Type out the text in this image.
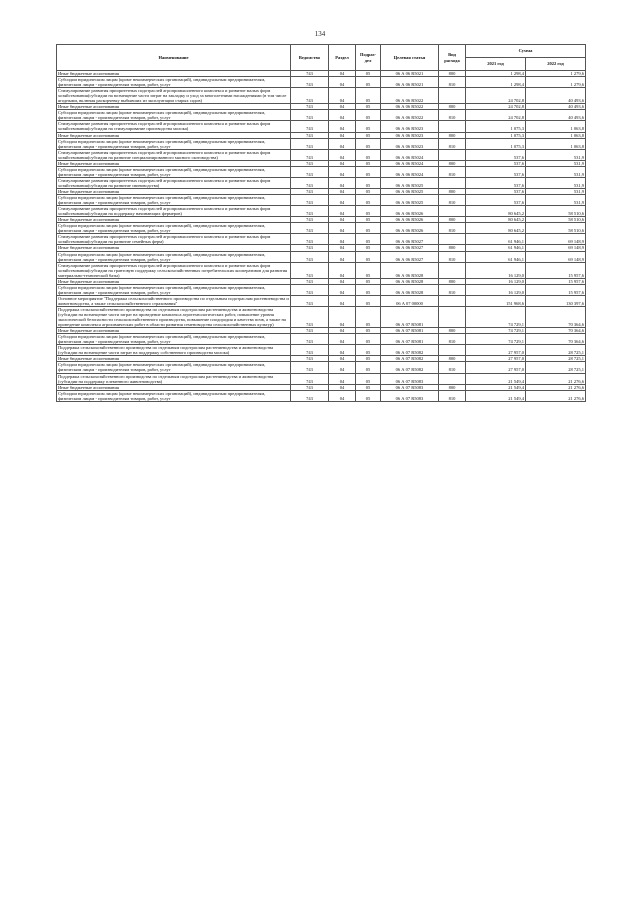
134
Наименование	Ведомство	Раздел	Подраз-дел	Целевая статья	Вид расхода	Сумма	
						2021 год	2022 год
Иные бюджетные ассигнования	743	04	05	06 А 06 R5021	800	1 298,4	1 279,6
Субсидии юридическим лицам (кроме некоммерческих организаций), индивидуальным предпринимателям, физическим лицам - производителям товаров, работ, услуг	743	04	05	06 А 06 R5021	810	1 298,4	1 279,6
Стимулирование развития приоритетных подотраслей агропромышленного комплекса и развитие малых форм хозяйствования(субсидии на возмещение части затрат на закладку и уход за многолетними насаждениями (в том числе ягодными, включая раскорчевку выбывших из эксплуатации старых садов)	743	04	05	06 А 06 R5022		24 702,8	40 493,6
Иные бюджетные ассигнования	743	04	05	06 А 06 R5022	800	24 702,8	40 493,6
Субсидии юридическим лицам (кроме некоммерческих организаций), индивидуальным предпринимателям, физическим лицам - производителям товаров, работ, услуг	743	04	05	06 А 06 R5022	810	24 702,8	40 493,6
Стимулирование развития приоритетных подотраслей агропромышленного комплекса и развитие малых форм хозяйствования(субсидии на стимулирование производства молока)	743	04	05	06 А 06 R5023		1 075,3	1 063,8
Иные бюджетные ассигнования	743	04	05	06 А 06 R5023	800	1 075,3	1 063,8
Субсидии юридическим лицам (кроме некоммерческих организаций), индивидуальным предпринимателям, физическим лицам - производителям товаров, работ, услуг	743	04	05	06 А 06 R5023	810	1 075,3	1 063,8
Стимулирование развития приоритетных подотраслей агропромышленного комплекса и развитие малых форм хозяйствования(субсидии на развитие специализированного мясного скотоводства)	743	04	05	06 А 06 R5024		537,6	531,9
Иные бюджетные ассигнования	743	04	05	06 А 06 R5024	800	537,6	531,9
Субсидии юридическим лицам (кроме некоммерческих организаций), индивидуальным предпринимателям, физическим лицам - производителям товаров, работ, услуг	743	04	05	06 А 06 R5024	810	537,6	531,9
Стимулирование развития приоритетных подотраслей агропромышленного комплекса и развитие малых форм хозяйствования(субсидии на развитие свиноводства)	743	04	05	06 А 06 R5025		537,6	531,9
Иные бюджетные ассигнования	743	04	05	06 А 06 R5025	800	537,6	531,9
Субсидии юридическим лицам (кроме некоммерческих организаций), индивидуальным предпринимателям, физическим лицам - производителям товаров, работ, услуг	743	04	05	06 А 06 R5025	810	537,6	531,9
Стимулирование развития приоритетных подотраслей агропромышленного комплекса и развитие малых форм хозяйствования(субсидии на поддержку начинающих фермеров)	743	04	05	06 А 06 R5026		80 645,2	58 510,6
Иные бюджетные ассигнования	743	04	05	06 А 06 R5026	800	80 645,2	58 510,6
Субсидии юридическим лицам (кроме некоммерческих организаций), индивидуальным предпринимателям, физическим лицам - производителям товаров, работ, услуг	743	04	05	06 А 06 R5026	810	80 645,2	58 510,6
Стимулирование развития приоритетных подотраслей агропромышленного комплекса и развитие малых форм хозяйствования(субсидии на развитие семейных ферм)	743	04	05	06 А 06 R5027		61 946,1	69 148,9
Иные бюджетные ассигнования	743	04	05	06 А 06 R5027	800	61 946,1	69 148,9
Субсидии юридическим лицам (кроме некоммерческих организаций), индивидуальным предпринимателям, физическим лицам - производителям товаров, работ, услуг	743	04	05	06 А 06 R5027	810	61 946,1	69 148,9
Стимулирование развития приоритетных подотраслей агропромышленного комплекса и развитие малых форм хозяйствования(субсидии на грантовую поддержку сельскохозяйственных потребительских кооперативов для развития материально-технической базы)	743	04	05	06 А 06 R5028		16 129,0	15 957,6
Иные бюджетные ассигнования	743	04	05	06 А 06 R5028	800	16 129,0	15 957,6
Субсидии юридическим лицам (кроме некоммерческих организаций), индивидуальным предпринимателям, физическим лицам - производителям товаров, работ, услуг	743	04	05	06 А 06 R5028	810	16 129,0	15 957,6
Основное мероприятие "Поддержка сельскохозяйственного производства по отдельным подотраслям растениеводства и животноводства, а также сельскохозяйственного страхования"	743	04	05	06 А 07 00000		151 968,6	130 397,6
Поддержка сельскохозяйственного производства по отдельным подотраслям растениеводства и животноводства (субсидии на возмещение части затрат на проведение комплекса агротехнологических работ, повышение уровня экологической безопасности сельскохозяйственного производства, повышение плодородия и качества почв, а также на проведение комплекса агрохимических работ в области развития семеноводства сельскохозяйственных культур)	743	04	05	06 А 07 R5081		74 729,1	70 364,6
Иные бюджетные ассигнования	743	04	05	06 А 07 R5081	800	74 729,1	70 364,6
Субсидии юридическим лицам (кроме некоммерческих организаций), индивидуальным предпринимателям, физическим лицам - производителям товаров, работ, услуг	743	04	05	06 А 07 R5081	810	74 729,1	70 364,6
Поддержка сельскохозяйственного производства по отдельным подотраслям растениеводства и животноводства (субсидии на возмещение части затрат на поддержку собственного производства молока)	743	04	05	06 А 07 R5082		27 957,0	28 725,1
Иные бюджетные ассигнования	743	04	05	06 А 07 R5082	800	27 957,0	28 725,1
Субсидии юридическим лицам (кроме некоммерческих организаций), индивидуальным предпринимателям, физическим лицам - производителям товаров, работ, услуг	743	04	05	06 А 07 R5082	810	27 957,0	28 725,1
Поддержка сельскохозяйственного производства по отдельным подотраслям растениеводства и животноводства (субсидии на поддержку племенного животноводства)	743	04	05	06 А 07 R5083		21 549,4	21 276,6
Иные бюджетные ассигнования	743	04	05	06 А 07 R5083	800	21 549,4	21 276,6
Субсидии юридическим лицам (кроме некоммерческих организаций), индивидуальным предпринимателям, физическим лицам - производителям товаров, работ, услуг	743	04	05	06 А 07 R5083	810	21 549,4	21 276,6
